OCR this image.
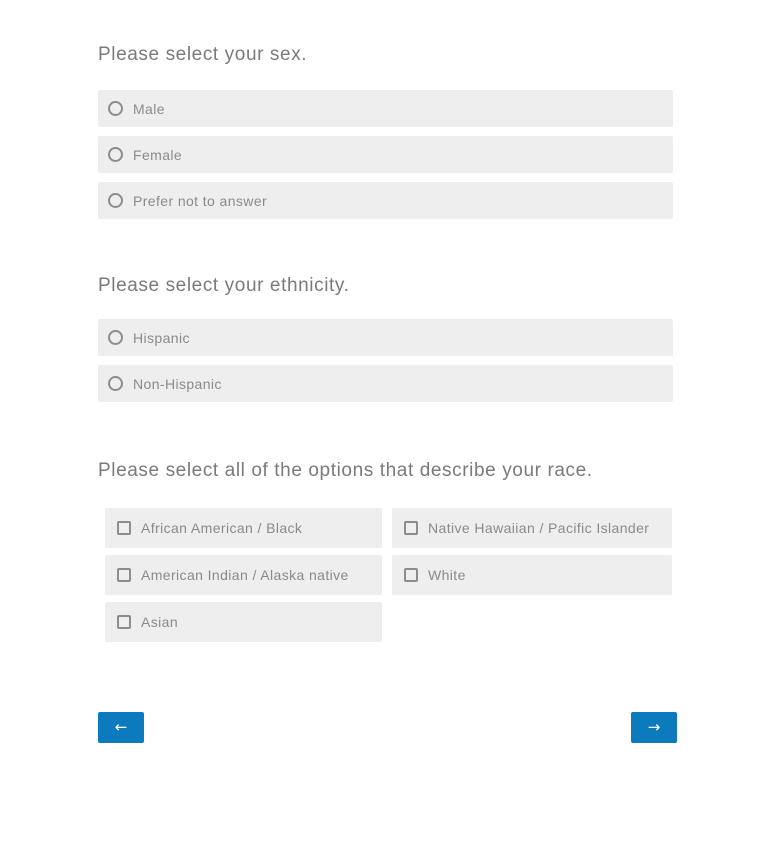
Please select your sex.
Male
Female
Prefer not to answer
Please select your ethnicity.
Hispanic
Non-Hispanic
Please select all of the options that describe your race.
African American / Black
American Indian / Alaska native
Asian
Native Hawaiian / Pacific Islander
White
←	→
